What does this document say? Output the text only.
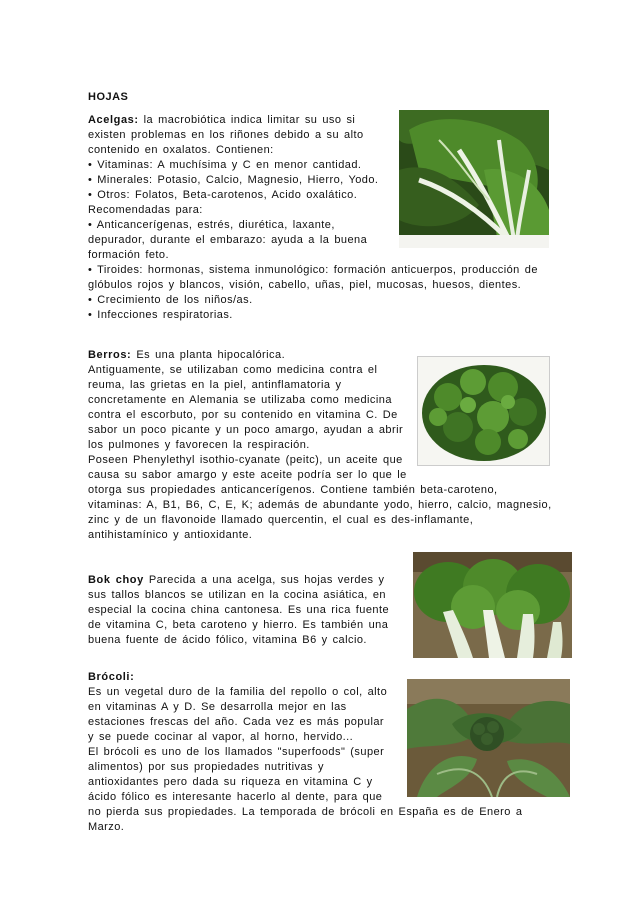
HOJAS
Acelgas: la macrobiótica indica limitar su uso si
existen problemas en los riñones debido a su alto
contenido en oxalatos. Contienen:
• Vitaminas: A muchísima y C en menor cantidad.
• Minerales: Potasio, Calcio, Magnesio, Hierro, Yodo.
• Otros: Folatos, Beta-carotenos, Acido oxalático.
Recomendadas para:
• Anticancerígenas, estrés, diurética, laxante,
depurador, durante el embarazo: ayuda a la buena
formación feto.
• Tiroides: hormonas, sistema inmunológico: formación anticuerpos, producción de
glóbulos rojos y blancos, visión, cabello, uñas, piel, mucosas, huesos, dientes.
• Crecimiento de los niños/as.
• Infecciones respiratorias.
Berros: Es una planta hipocalórica.
Antiguamente, se utilizaban como medicina contra el
reuma, las grietas en la piel, antinflamatoria y
concretamente en Alemania se utilizaba como medicina
contra el escorbuto, por su contenido en vitamina C. De
sabor un poco picante y un poco amargo, ayudan a abrir
los pulmones y favorecen la respiración.
Poseen Phenylethyl isothio-cyanate (peitc), un aceite que
causa su sabor amargo y este aceite podría ser lo que le
otorga sus propiedades anticancerígenos. Contiene también beta-caroteno,
vitaminas: A, B1, B6, C, E, K; además de abundante yodo, hierro, calcio, magnesio,
zinc y de un flavonoide llamado quercentin, el cual es des-inflamante,
antihistamínico y antioxidante.
Bok choy Parecida a una acelga, sus hojas verdes y
sus tallos blancos se utilizan en la cocina asiática, en
especial la cocina china cantonesa. Es una rica fuente
de vitamina C, beta caroteno y hierro. Es también una
buena fuente de ácido fólico, vitamina B6 y calcio.
Brócoli:
Es un vegetal duro de la familia del repollo o col, alto
en vitaminas A y D. Se desarrolla mejor en las
estaciones frescas del año. Cada vez es más popular
y se puede cocinar al vapor, al horno, hervido...
El brócoli es uno de los llamados "superfoods" (super
alimentos) por sus propiedades nutritivas y
antioxidantes pero dada su riqueza en vitamina C y
ácido fólico es interesante hacerlo al dente, para que
no pierda sus propiedades. La temporada de brócoli en España es de Enero a
Marzo.
